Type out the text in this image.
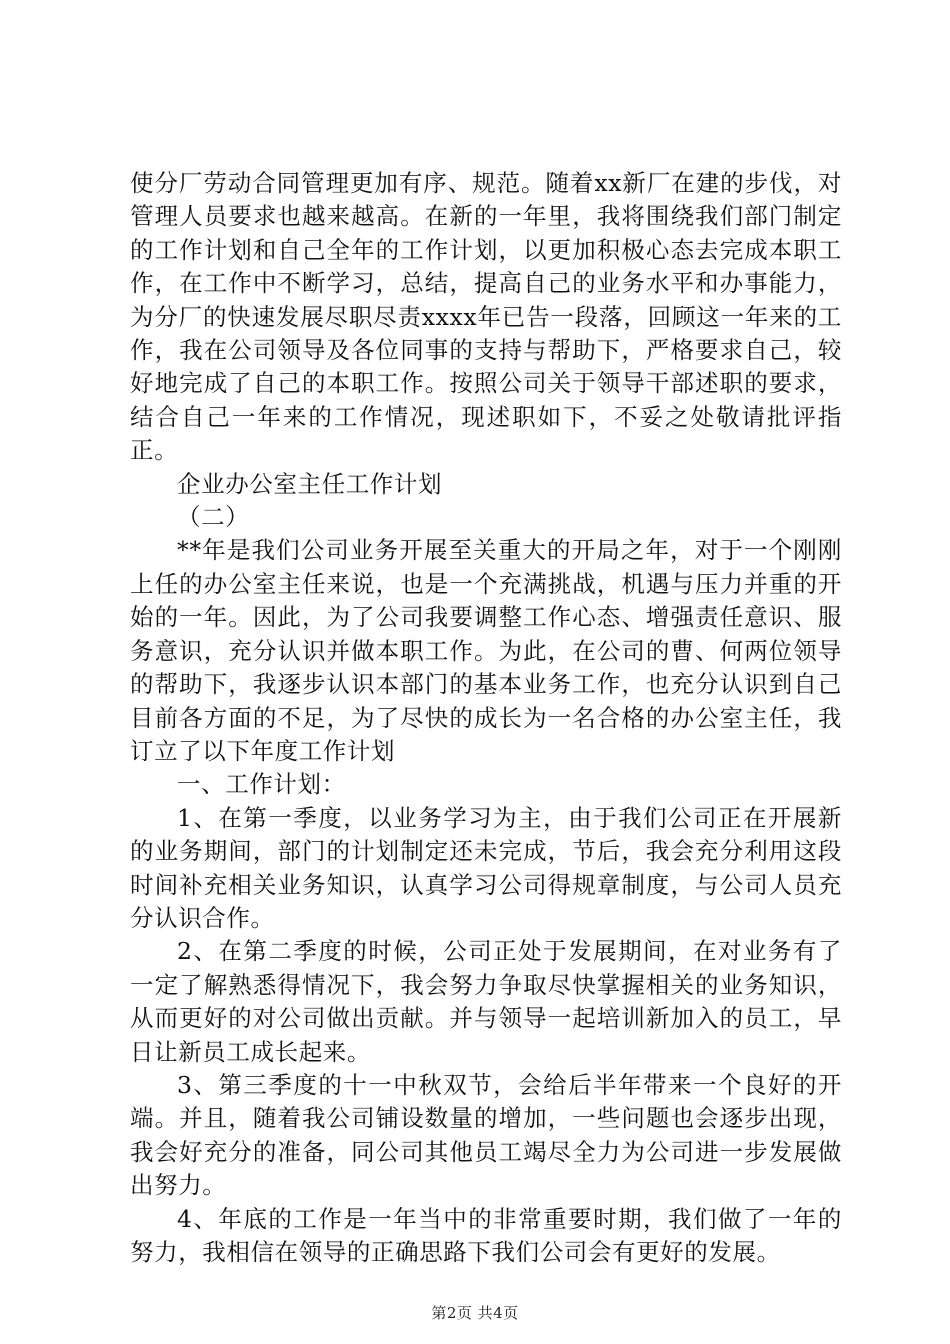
使分厂劳动合同管理更加有序、规范。随着xx新厂在建的步伐，对管理人员要求也越来越高。在新的一年里，我将围绕我们部门制定的工作计划和自己全年的工作计划，以更加积极心态去完成本职工作，在工作中不断学习，总结，提高自己的业务水平和办事能力，为分厂的快速发展尽职尽责xxxx年已告一段落，回顾这一年来的工作，我在公司领导及各位同事的支持与帮助下，严格要求自己，较好地完成了自己的本职工作。按照公司关于领导干部述职的要求，结合自己一年来的工作情况，现述职如下，不妥之处敬请批评指正。

企业办公室主任工作计划

（二）

**年是我们公司业务开展至关重大的开局之年，对于一个刚刚上任的办公室主任来说，也是一个充满挑战，机遇与压力并重的开始的一年。因此，为了公司我要调整工作心态、增强责任意识、服务意识，充分认识并做本职工作。为此，在公司的曹、何两位领导的帮助下，我逐步认识本部门的基本业务工作，也充分认识到自己目前各方面的不足，为了尽快的成长为一名合格的办公室主任，我订立了以下年度工作计划

一、工作计划：

1、在第一季度，以业务学习为主，由于我们公司正在开展新的业务期间，部门的计划制定还未完成，节后，我会充分利用这段时间补充相关业务知识，认真学习公司得规章制度，与公司人员充分认识合作。

2、在第二季度的时候，公司正处于发展期间，在对业务有了一定了解熟悉得情况下，我会努力争取尽快掌握相关的业务知识，从而更好的对公司做出贡献。并与领导一起培训新加入的员工，早日让新员工成长起来。

3、第三季度的十一中秋双节，会给后半年带来一个良好的开端。并且，随着我公司铺设数量的增加，一些问题也会逐步出现，我会好充分的准备，同公司其他员工竭尽全力为公司进一步发展做出努力。

4、年底的工作是一年当中的非常重要时期，我们做了一年的努力，我相信在领导的正确思路下我们公司会有更好的发展。

第2页 共4页
